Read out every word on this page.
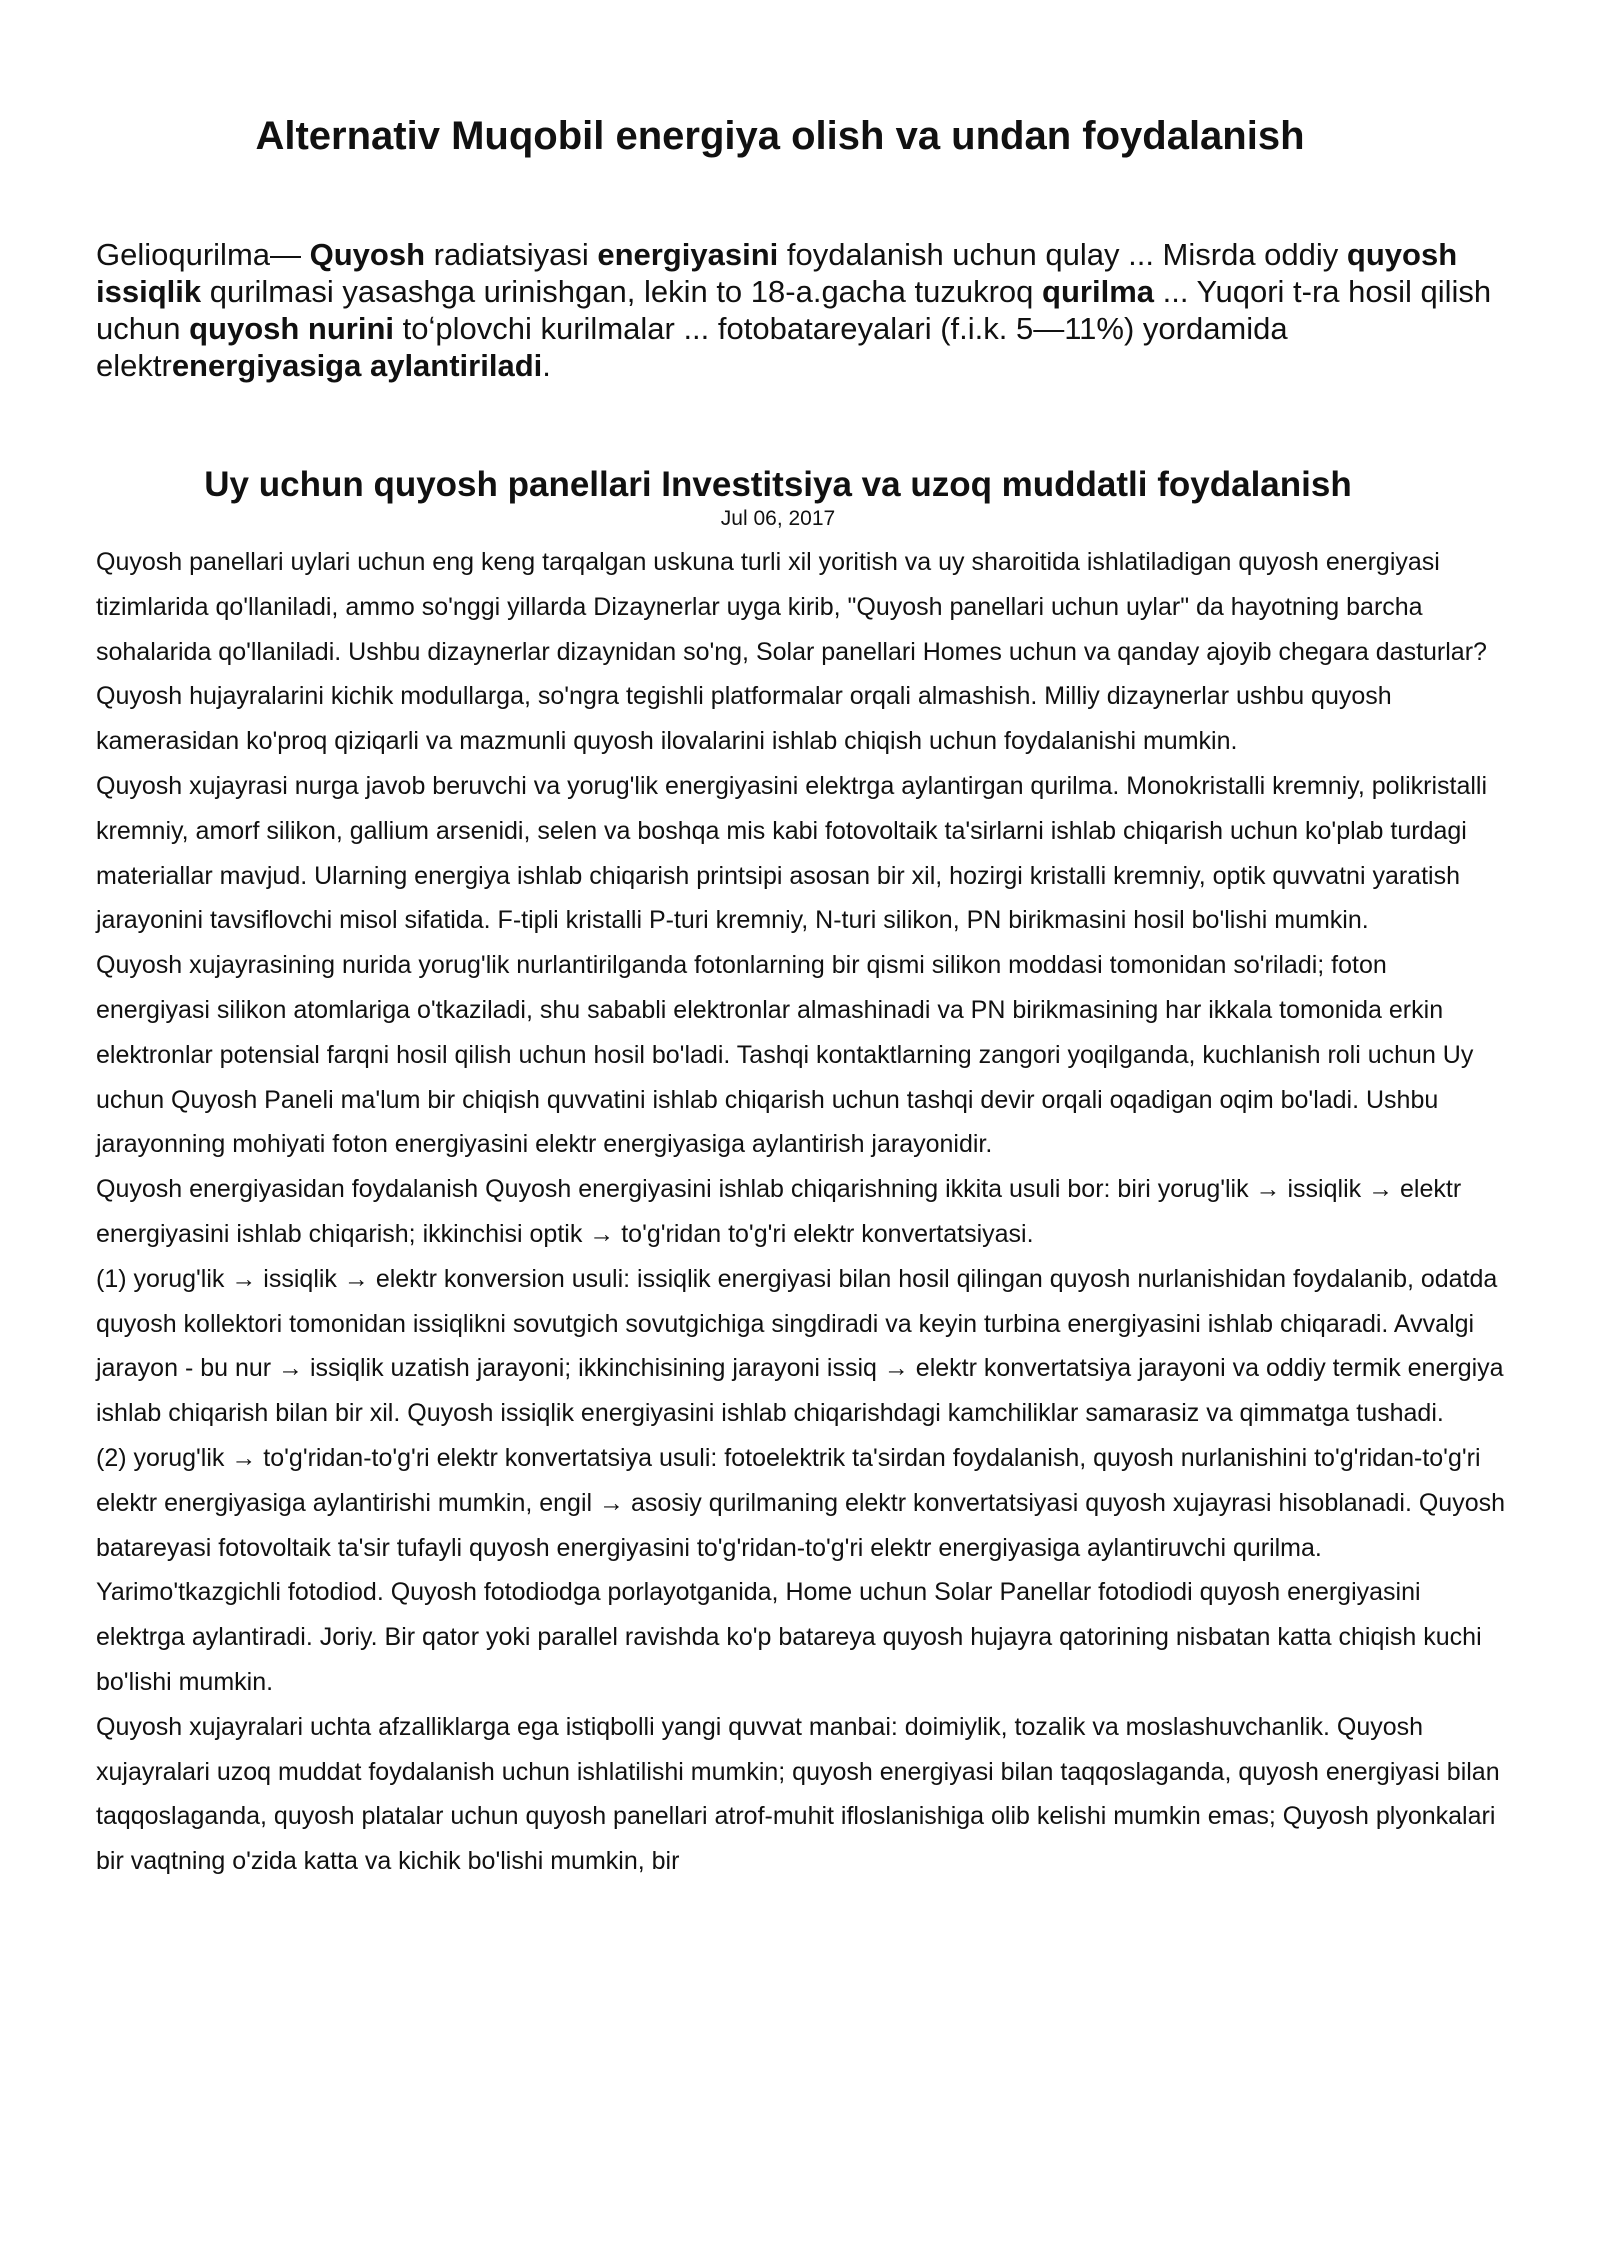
Alternativ Muqobil energiya olish va undan foydalanish

Gelioqurilma— Quyosh radiatsiyasi energiyasini foydalanish uchun qulay ... Misrda oddiy quyosh issiqlik qurilmasi yasashga urinishgan, lekin to 18-a.gacha tuzukroq qurilma ... Yuqori t-ra hosil qilish uchun quyosh nurini toʻplovchi kurilmalar ... fotobatareyalari (f.i.k. 5—11%) yordamida elektrenergiyasiga aylantiriladi.

Uy uchun quyosh panellari Investitsiya va uzoq muddatli foydalanish
Jul 06, 2017

Quyosh panellari uylari uchun eng keng tarqalgan uskuna turli xil yoritish va uy sharoitida ishlatiladigan quyosh energiyasi tizimlarida qo'llaniladi, ammo so'nggi yillarda Dizaynerlar uyga kirib, "Quyosh panellari uchun uylar" da hayotning barcha sohalarida qo'llaniladi. Ushbu dizaynerlar dizaynidan so'ng, Solar panellari Homes uchun va qanday ajoyib chegara dasturlar?

Quyosh hujayralarini kichik modullarga, so'ngra tegishli platformalar orqali almashish. Milliy dizaynerlar ushbu quyosh kamerasidan ko'proq qiziqarli va mazmunli quyosh ilovalarini ishlab chiqish uchun foydalanishi mumkin.

Quyosh xujayrasi nurga javob beruvchi va yorug'lik energiyasini elektrga aylantirgan qurilma. Monokristalli kremniy, polikristalli kremniy, amorf silikon, gallium arsenidi, selen va boshqa mis kabi fotovoltaik ta'sirlarni ishlab chiqarish uchun ko'plab turdagi materiallar mavjud. Ularning energiya ishlab chiqarish printsipi asosan bir xil, hozirgi kristalli kremniy, optik quvvatni yaratish jarayonini tavsiflovchi misol sifatida. F-tipli kristalli P-turi kremniy, N-turi silikon, PN birikmasini hosil bo'lishi mumkin.

Quyosh xujayrasining nurida yorug'lik nurlantirilganda fotonlarning bir qismi silikon moddasi tomonidan so'riladi; foton energiyasi silikon atomlariga o'tkaziladi, shu sababli elektronlar almashinadi va PN birikmasining har ikkala tomonida erkin elektronlar potensial farqni hosil qilish uchun hosil bo'ladi. Tashqi kontaktlarning zangori yoqilganda, kuchlanish roli uchun Uy uchun Quyosh Paneli ma'lum bir chiqish quvvatini ishlab chiqarish uchun tashqi devir orqali oqadigan oqim bo'ladi. Ushbu jarayonning mohiyati foton energiyasini elektr energiyasiga aylantirish jarayonidir.

Quyosh energiyasidan foydalanish Quyosh energiyasini ishlab chiqarishning ikkita usuli bor: biri yorug'lik → issiqlik → elektr energiyasini ishlab chiqarish; ikkinchisi optik → to'g'ridan to'g'ri elektr konvertatsiyasi.

(1) yorug'lik → issiqlik → elektr konversion usuli: issiqlik energiyasi bilan hosil qilingan quyosh nurlanishidan foydalanib, odatda quyosh kollektori tomonidan issiqlikni sovutgich sovutgichiga singdiradi va keyin turbina energiyasini ishlab chiqaradi. Avvalgi jarayon - bu nur → issiqlik uzatish jarayoni; ikkinchisining jarayoni issiq → elektr konvertatsiya jarayoni va oddiy termik energiya ishlab chiqarish bilan bir xil. Quyosh issiqlik energiyasini ishlab chiqarishdagi kamchiliklar samarasiz va qimmatga tushadi.

(2) yorug'lik → to'g'ridan-to'g'ri elektr konvertatsiya usuli: fotoelektrik ta'sirdan foydalanish, quyosh nurlanishini to'g'ridan-to'g'ri elektr energiyasiga aylantirishi mumkin, engil → asosiy qurilmaning elektr konvertatsiyasi quyosh xujayrasi hisoblanadi. Quyosh batareyasi fotovoltaik ta'sir tufayli quyosh energiyasini to'g'ridan-to'g'ri elektr energiyasiga aylantiruvchi qurilma. Yarimo'tkazgichli fotodiod. Quyosh fotodiodga porlayotganida, Home uchun Solar Panellar fotodiodi quyosh energiyasini elektrga aylantiradi. Joriy. Bir qator yoki parallel ravishda ko'p batareya quyosh hujayra qatorining nisbatan katta chiqish kuchi bo'lishi mumkin.

Quyosh xujayralari uchta afzalliklarga ega istiqbolli yangi quvvat manbai: doimiylik, tozalik va moslashuvchanlik. Quyosh xujayralari uzoq muddat foydalanish uchun ishlatilishi mumkin; quyosh energiyasi bilan taqqoslaganda, quyosh energiyasi bilan taqqoslaganda, quyosh platalar uchun quyosh panellari atrof-muhit ifloslanishiga olib kelishi mumkin emas; Quyosh plyonkalari bir vaqtning o'zida katta va kichik bo'lishi mumkin, bir
